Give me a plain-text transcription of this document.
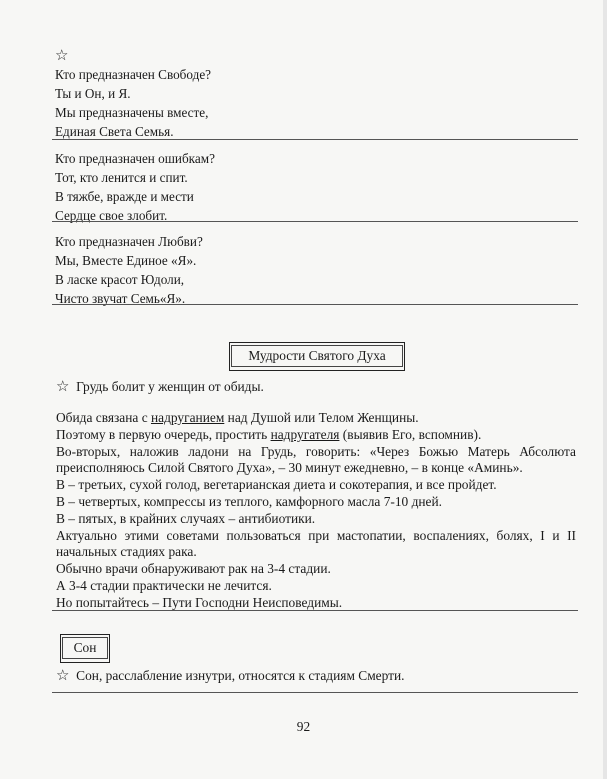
☆
Кто предназначен Свободе?
Ты и Он, и Я.
Мы предназначены вместе,
Единая Света Семья.
Кто предназначен ошибкам?
Тот, кто ленится и спит.
В тяжбе, вражде и мести
Сердце свое злобит.
Кто предназначен Любви?
Мы, Вместе Единое «Я».
В ласке красот Юдоли,
Чисто звучат Семь«Я».
Мудрости Святого Духа
☆ Грудь болит у женщин от обиды.

Обида связана с надруганием над Душой или Телом Женщины.

Поэтому в первую очередь, простить надругателя (выявив Его, вспомнив).

Во-вторых, наложив ладони на Грудь, говорить: «Через Божью Матерь Абсолюта

преисполняюсь Силой Святого Духа», – 30 минут ежедневно, – в конце «Аминь».

В – третьих, сухой голод, вегетарианская диета и сокотерапия, и все пройдет.

В – четвертых, компрессы из теплого, камфорного масла 7-10 дней.

В – пятых, в крайних случаях – антибиотики.

Актуально этими советами пользоваться при мастопатии, воспалениях, болях, I и II

начальных стадиях рака.

Обычно врачи обнаруживают рак на 3-4 стадии.

А 3-4 стадии практически не лечится.

Но попытайтесь – Пути Господни Неисповедимы.

Сон
☆ Сон, расслабление изнутри, относятся к стадиям Смерти.
92
